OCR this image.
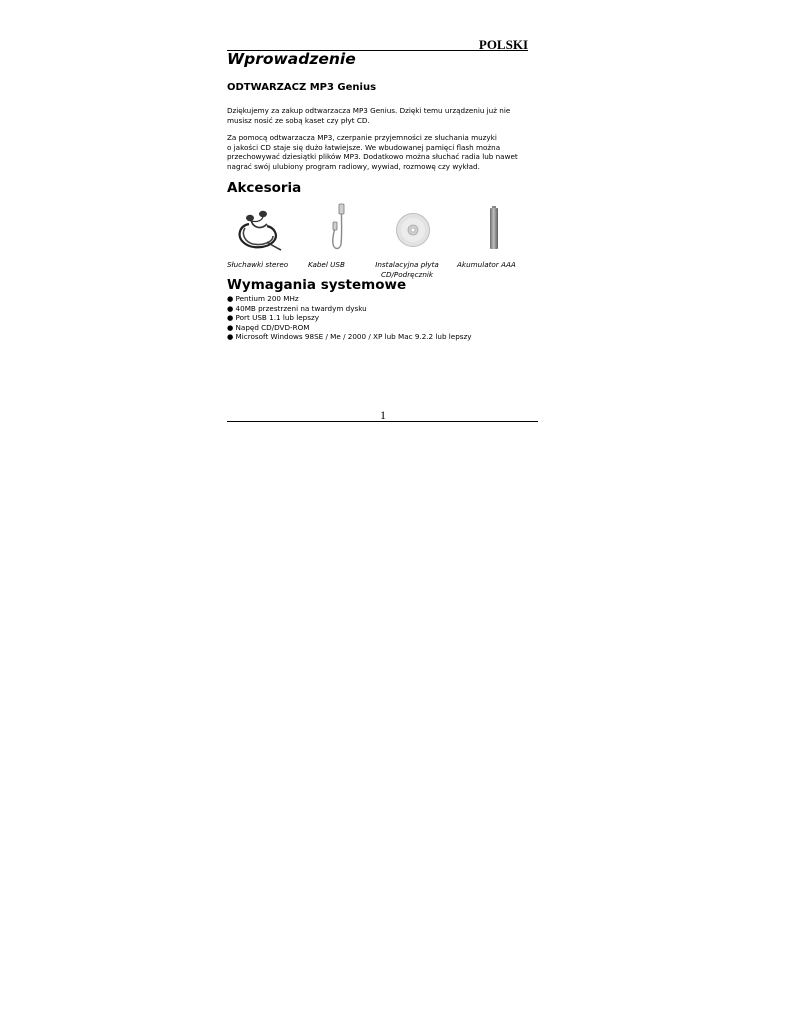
POLSKI
Wprowadzenie
ODTWARZACZ MP3 Genius
Dziękujemy za zakup odtwarzacza MP3 Genius. Dzięki temu urządzeniu już nie
musisz nosić ze sobą kaset czy płyt CD.
Za pomocą odtwarzacza MP3, czerpanie przyjemności ze słuchania muzyki
o jakości CD staje się dużo łatwiejsze. We wbudowanej pamięci flash można
przechowywać dziesiątki plików MP3. Dodatkowo można słuchać radia lub nawet
nagrać swój ulubiony program radiowy, wywiad, rozmowę czy wykład.
Akcesoria
Słuchawki stereo	Kabel USB	Instalacyjna płyta
CD/Podręcznik
Akumulator AAA
Wymagania systemowe
● Pentium 200 MHz
● 40MB przestrzeni na twardym dysku
● Port USB 1.1 lub lepszy
● Napęd CD/DVD-ROM
● Microsoft Windows 98SE / Me / 2000 / XP lub Mac 9.2.2 lub lepszy
1
